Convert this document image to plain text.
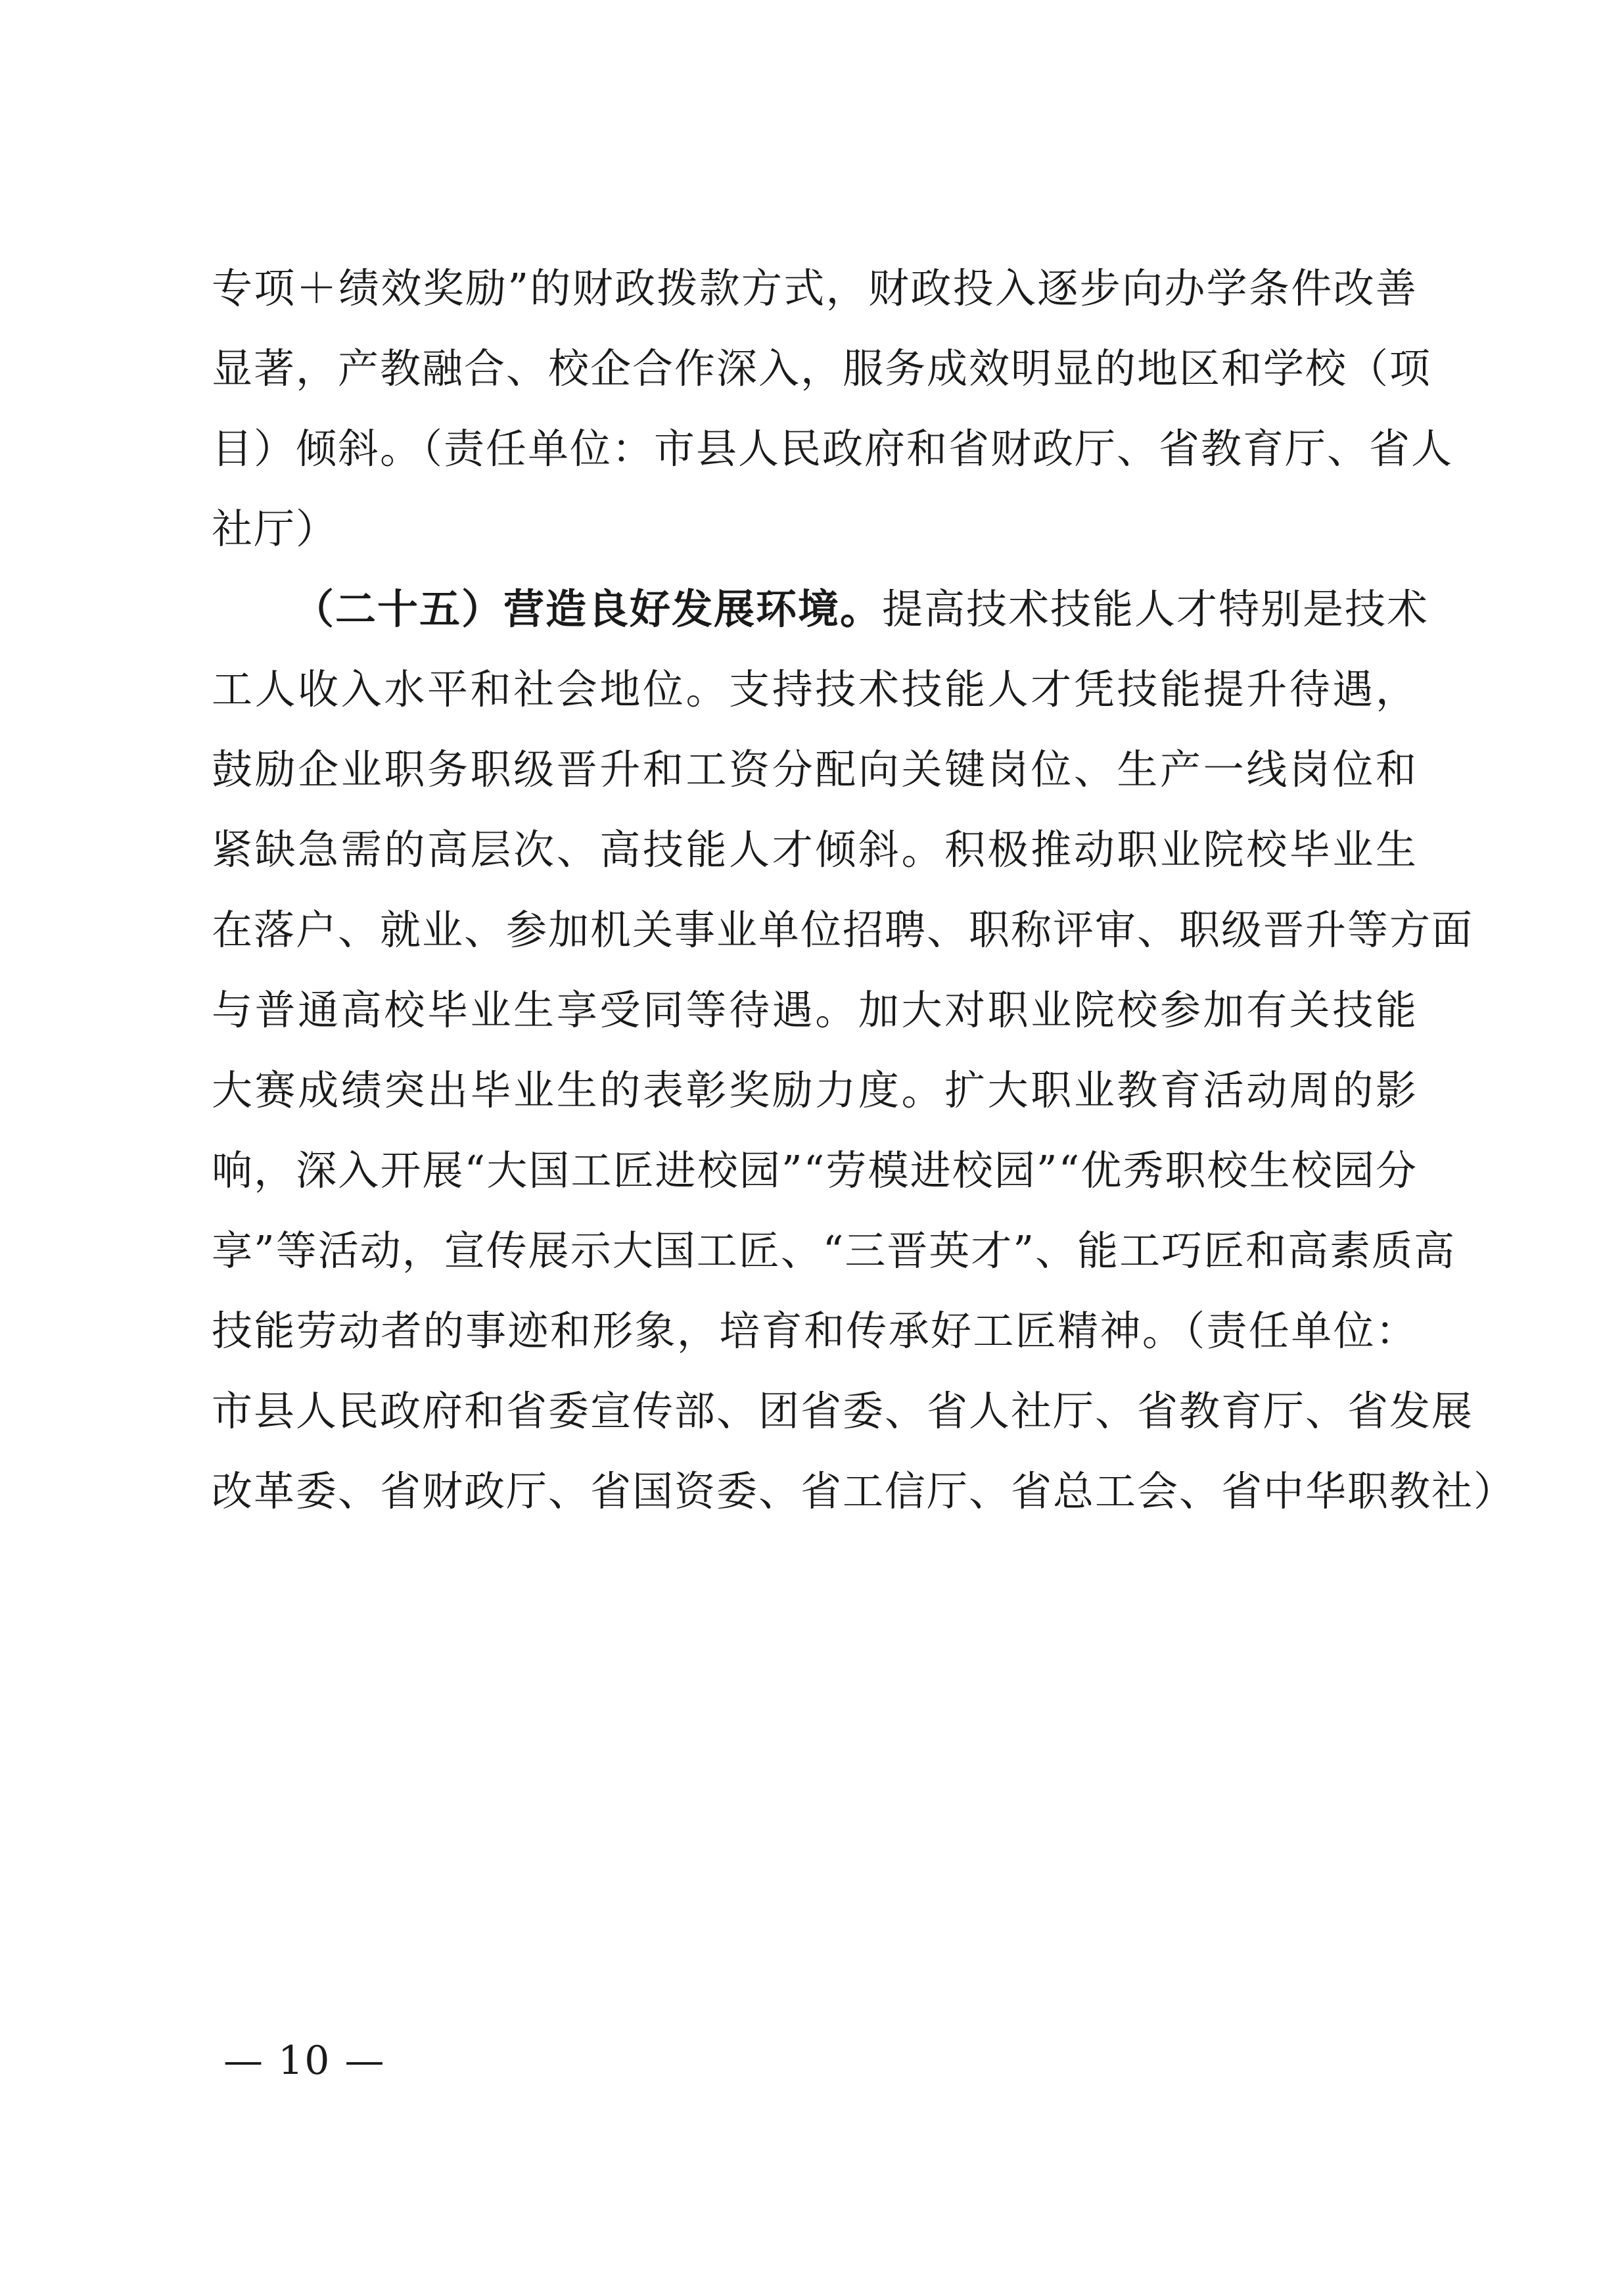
专项＋绩效奖励”的财政拨款方式，财政投入逐步向办学条件改善
显著，产教融合、校企合作深入，服务成效明显的地区和学校（项
目）倾斜。（责任单位：市县人民政府和省财政厅、省教育厅、省人
社厅）
（二十五）营造良好发展环境。提高技术技能人才特别是技术
工人收入水平和社会地位。支持技术技能人才凭技能提升待遇，
鼓励企业职务职级晋升和工资分配向关键岗位、生产一线岗位和
紧缺急需的高层次、高技能人才倾斜。积极推动职业院校毕业生
在落户、就业、参加机关事业单位招聘、职称评审、职级晋升等方面
与普通高校毕业生享受同等待遇。加大对职业院校参加有关技能
大赛成绩突出毕业生的表彰奖励力度。扩大职业教育活动周的影
响，深入开展“大国工匠进校园”“劳模进校园”“优秀职校生校园分
享”等活动，宣传展示大国工匠、“三晋英才”、能工巧匠和高素质高
技能劳动者的事迹和形象，培育和传承好工匠精神。（责任单位：
市县人民政府和省委宣传部、团省委、省人社厅、省教育厅、省发展
改革委、省财政厅、省国资委、省工信厅、省总工会、省中华职教社）
— 10 —
